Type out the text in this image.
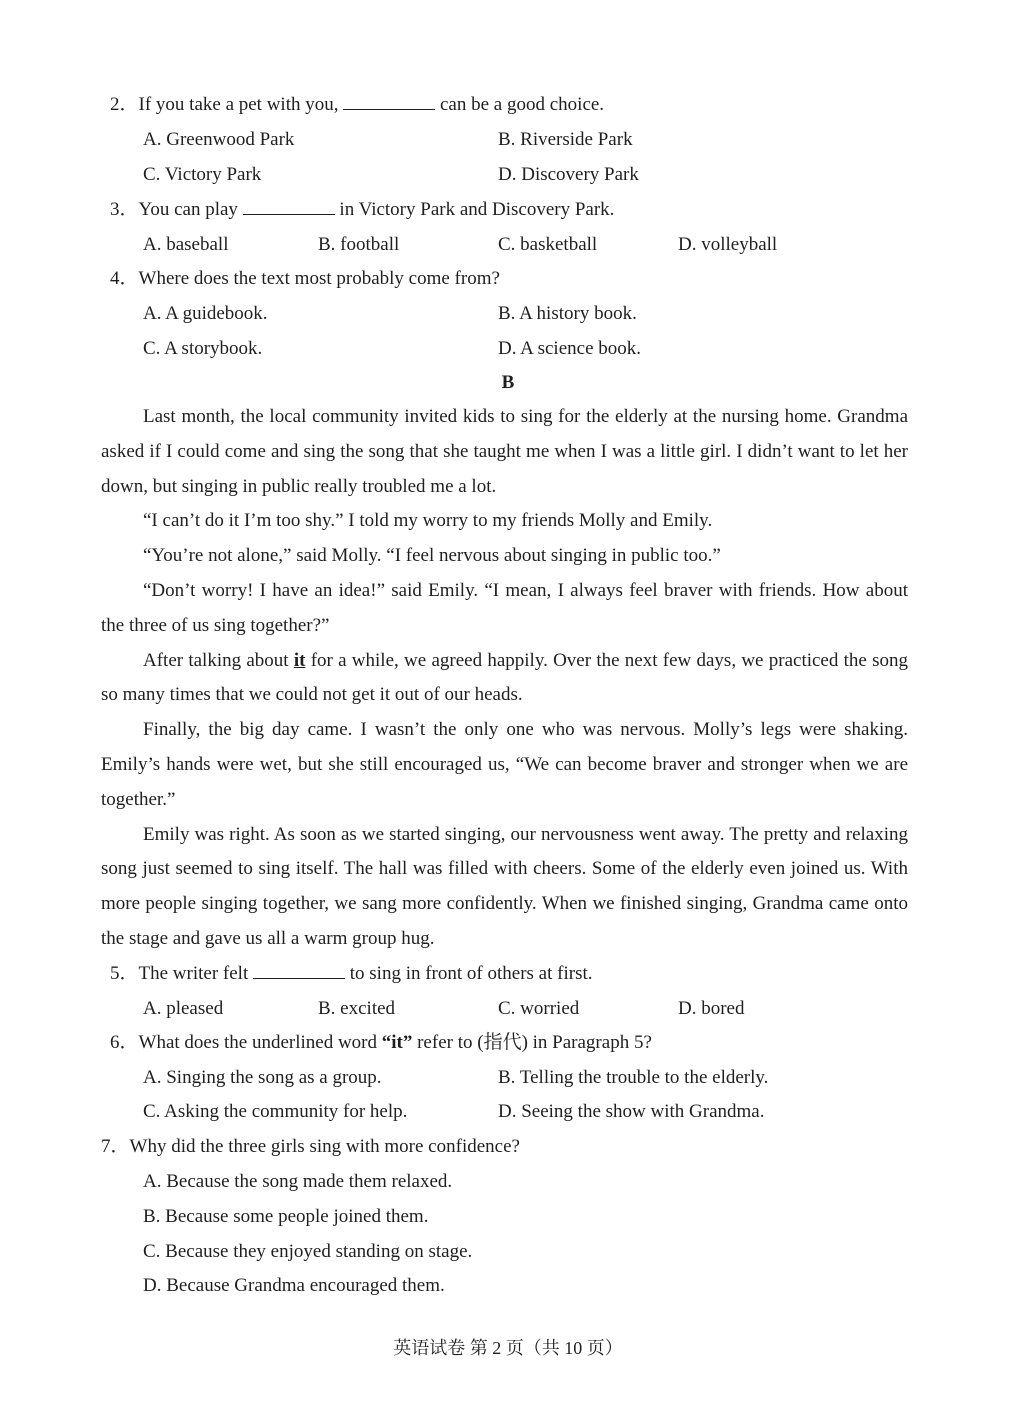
2．If you take a pet with you,	can be a good choice.
A. Greenwood Park	B. Riverside Park
C. Victory Park	D. Discovery Park
3．You can play	in Victory Park and Discovery Park.
A. baseball	B. football	C. basketball	D. volleyball
4．Where does the text most probably come from?
A. A guidebook.	B. A history book.
C. A storybook.	D. A science book.
B

Last month, the local community invited kids to sing for the elderly at the nursing home. Grandma asked if I could come and sing the song that she taught me when I was a little girl. I didn’t want to let her down, but singing in public really troubled me a lot.

“I can’t do it I’m too shy.” I told my worry to my friends Molly and Emily.

“You’re not alone,” said Molly. “I feel nervous about singing in public too.”

“Don’t worry! I have an idea!” said Emily. “I mean, I always feel braver with friends. How about the three of us sing together?”

After talking about it for a while, we agreed happily. Over the next few days, we practiced the song so many times that we could not get it out of our heads.

Finally, the big day came. I wasn’t the only one who was nervous. Molly’s legs were shaking. Emily’s hands were wet, but she still encouraged us, “We can become braver and stronger when we are together.”

Emily was right. As soon as we started singing, our nervousness went away. The pretty and relaxing song just seemed to sing itself. The hall was filled with cheers. Some of the elderly even joined us. With more people singing together, we sang more confidently. When we finished singing, Grandma came onto the stage and gave us all a warm group hug.

5．The writer felt	to sing in front of others at first.
A. pleased	B. excited	C. worried	D. bored
6．What does the underlined word “it” refer to (指代) in Paragraph 5?
A. Singing the song as a group.	B. Telling the trouble to the elderly.
C. Asking the community for help.	D. Seeing the show with Grandma.
7．Why did the three girls sing with more confidence?
A. Because the song made them relaxed.
B. Because some people joined them.
C. Because they enjoyed standing on stage.
D. Because Grandma encouraged them.
英语试卷 第 2 页（共 10 页）
